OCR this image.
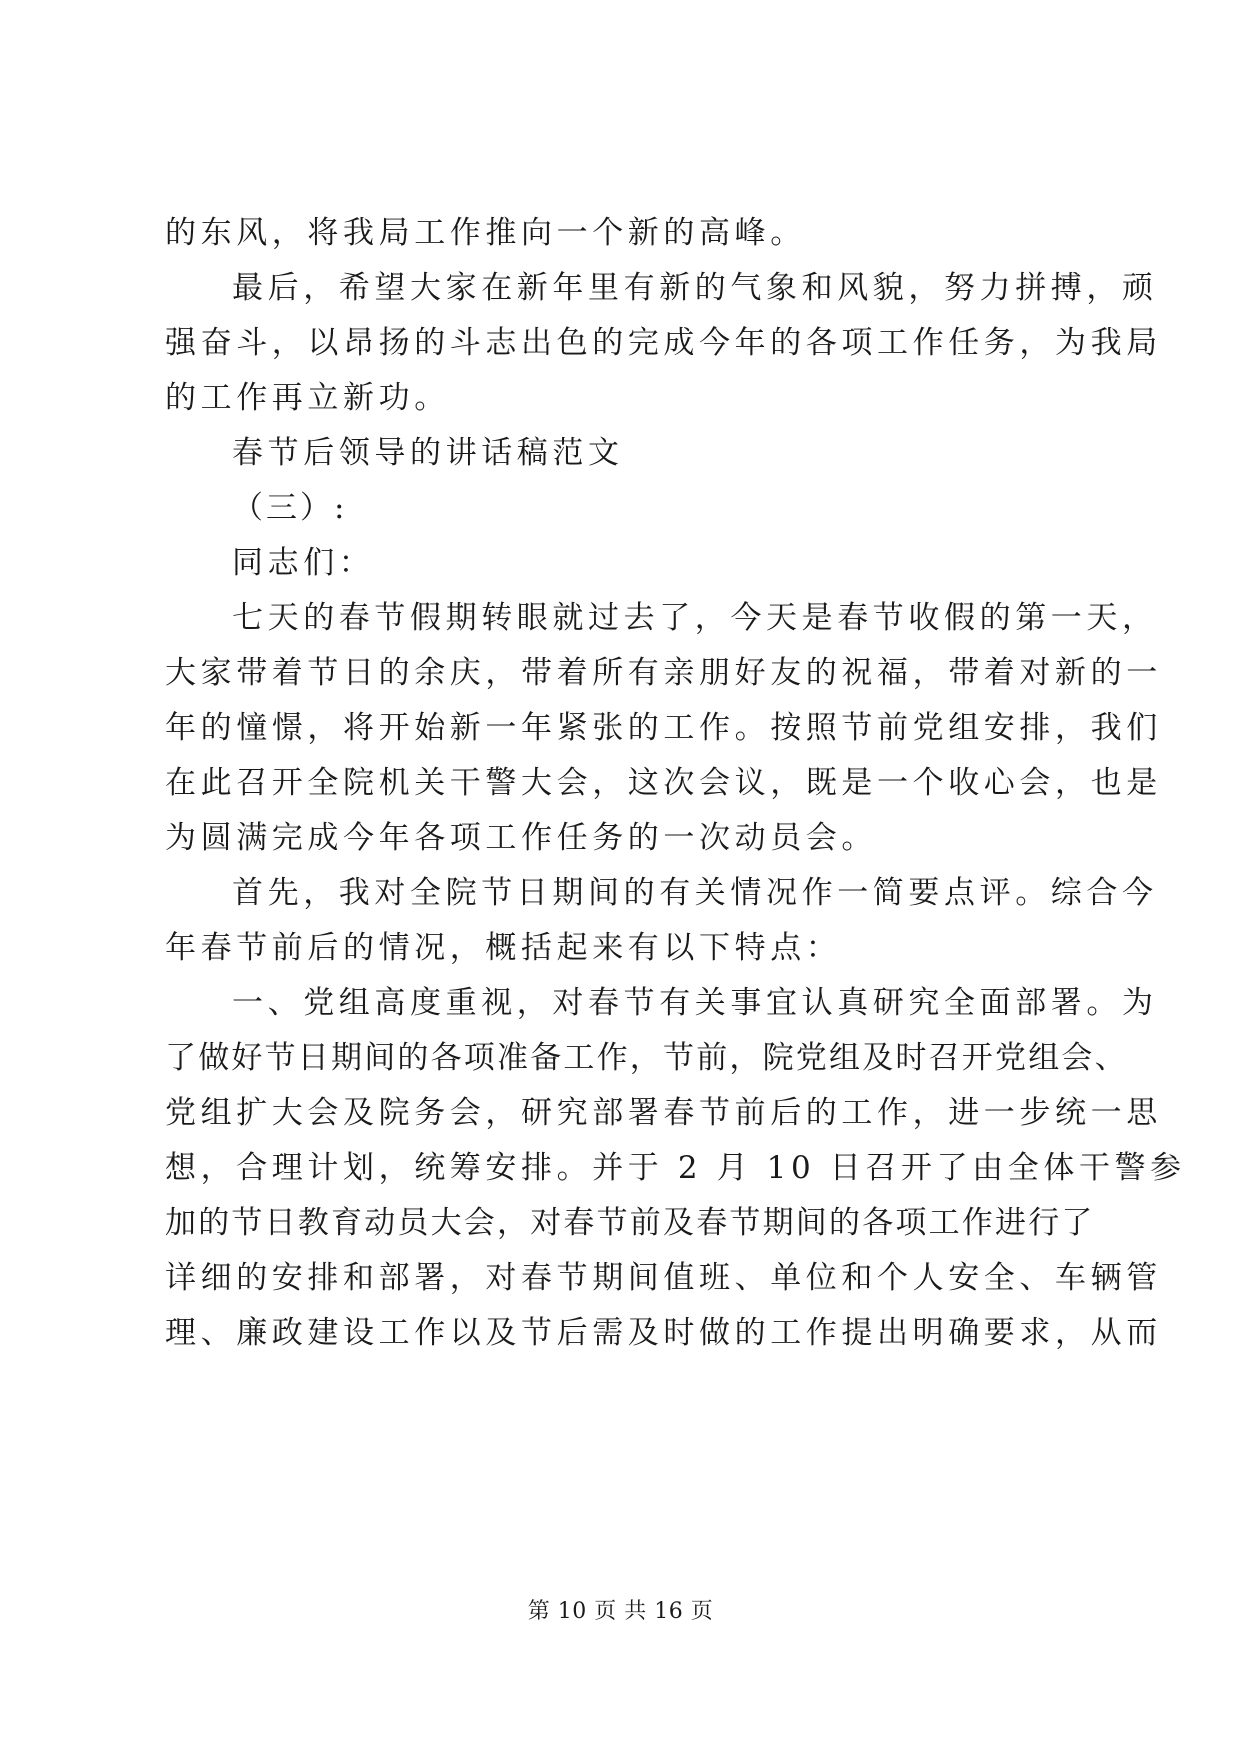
的东风，将我局工作推向一个新的高峰。
最后，希望大家在新年里有新的气象和风貌，努力拼搏，顽
强奋斗，以昂扬的斗志出色的完成今年的各项工作任务，为我局
的工作再立新功。
春节后领导的讲话稿范文
（三）:
同志们：
七天的春节假期转眼就过去了，今天是春节收假的第一天，
大家带着节日的余庆，带着所有亲朋好友的祝福，带着对新的一
年的憧憬，将开始新一年紧张的工作。按照节前党组安排，我们
在此召开全院机关干警大会，这次会议，既是一个收心会，也是
为圆满完成今年各项工作任务的一次动员会。
首先，我对全院节日期间的有关情况作一简要点评。综合今
年春节前后的情况，概括起来有以下特点：
一、党组高度重视，对春节有关事宜认真研究全面部署。为
了做好节日期间的各项准备工作，节前，院党组及时召开党组会、
党组扩大会及院务会，研究部署春节前后的工作，进一步统一思
想，合理计划，统筹安排。并于 2 月 10 日召开了由全体干警参
加的节日教育动员大会，对春节前及春节期间的各项工作进行了
详细的安排和部署，对春节期间值班、单位和个人安全、车辆管
理、廉政建设工作以及节后需及时做的工作提出明确要求，从而
第 10 页 共 16 页
